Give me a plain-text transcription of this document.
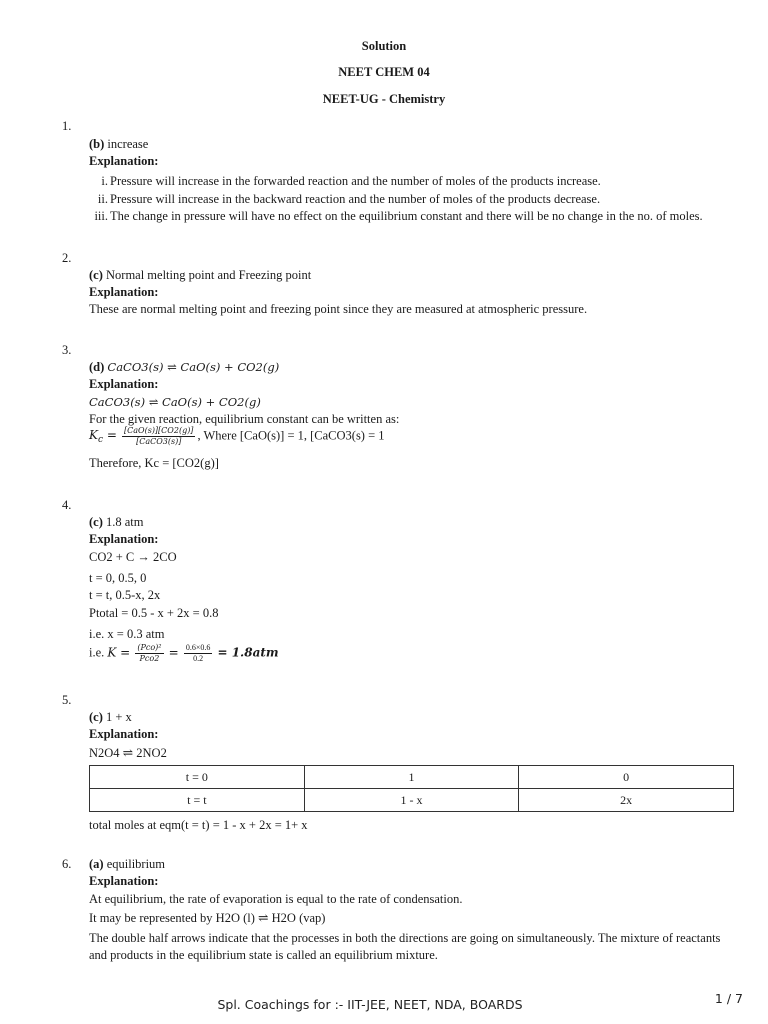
Solution
NEET CHEM 04
NEET-UG - Chemistry
1.
(b) increase
Explanation:
i. Pressure will increase in the forwarded reaction and the number of moles of the products increase.
ii. Pressure will increase in the backward reaction and the number of moles of the products decrease.
iii. The change in pressure will have no effect on the equilibrium constant and there will be no change in the no. of moles.
2.
(c) Normal melting point and Freezing point
Explanation:
These are normal melting point and freezing point since they are measured at atmospheric pressure.
3.
(d) CaCO3(s) ⇌ CaO(s) + CO2(g)
Explanation:
CaCO3(s) ⇌ CaO(s) + CO2(g)
For the given reaction, equilibrium constant can be written as:
$K_c = \frac{\text{[CaO(s)][CO2(g)]}}{\text{[CaCO3(s)]}}$ , Where [CaO(s)] = 1, [CaCO3(s) = 1
Therefore, Kc = [CO2(g)]
4.
(c) 1.8 atm
Explanation:
CO2 + C → 2CO
t = 0, 0.5, 0
t = t, 0.5-x, 2x
Ptotal = 0.5 - x + 2x = 0.8
i.e. x = 0.3 atm
i.e. $K = \frac{\text{(Pco)²}}{\text{Pco2}} = \frac{0.6\times 0.6}{0.2} = 1.8atm$
5.
(c) 1 + x
Explanation:
N2O4 ⇌ 2NO2
t = 0	1	0
t = t	1 - x	2x
total moles at eqm(t = t) = 1 - x + 2x = 1+ x
6. (a) equilibrium
Explanation:
At equilibrium, the rate of evaporation is equal to the rate of condensation.
It may be represented by H2O (l) ⇌ H2O (vap)
The double half arrows indicate that the processes in both the directions are going on simultaneously. The mixture of reactants
and products in the equilibrium state is called an equilibrium mixture.
Spl. Coachings for :- IIT-JEE, NEET, NDA, BOARDS	1 / 7
